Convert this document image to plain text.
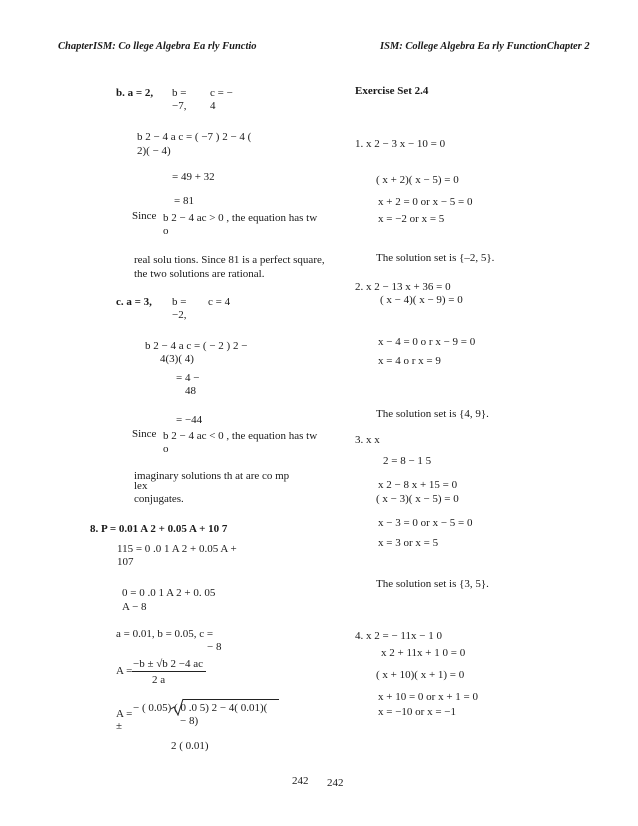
ChapterISM: Co llege Algebra Ea rly Functio	ISM: College Algebra Ea rly FunctionChapter 2
b. a = 2, b =
−7,
c = −
4
b 2 − 4 a c = ( −7 ) 2 − 4 (
2)( − 4)
= 49 + 32
= 81
Since b 2 − 4 ac > 0 , the equation has tw
o
real solu tions. Since 81 is a perfect square,
the two solutions are rational.
c. a = 3, b =
−2,
c = 4
b 2 − 4 a c = ( − 2 ) 2 −
4(3)( 4)
= 4 −
48
= −44
Since b 2 − 4 ac < 0 , the equation has tw
o
imaginary solutions th at are co mp
lex
conjugates.
8. P = 0.01 A 2 + 0.05 A + 10 7
115 = 0 .0 1 A 2 + 0.05 A +
107
0 = 0 .0 1 A 2 + 0. 05
A − 8
a = 0.01, b = 0.05, c =
− 8
A =
−b ± √b 2 −4 ac
2 a
A =
±
− ( 0.05) ( 0 .0 5) 2 − 4( 0.01)(
− 8)
2 ( 0.01)
Exercise Set 2.4
1. x 2 − 3 x − 10 = 0
( x + 2)( x − 5) = 0
x + 2 = 0 or x − 5 = 0
x = −2 or x = 5
The solution set is {–2, 5}.
2. x 2 − 13 x + 36 = 0
( x − 4)( x − 9) = 0
x − 4 = 0 o r x − 9 = 0
x = 4 o r x = 9
The solution set is {4, 9}.
3. x x
2 = 8 − 1 5
x 2 − 8 x + 15 = 0
( x − 3)( x − 5) = 0
x − 3 = 0 or x − 5 = 0
x = 3 or x = 5
The solution set is {3, 5}.
4. x 2 = − 11x − 1 0
x 2 + 11x + 1 0 = 0
( x + 10)( x + 1) = 0
x + 10 = 0 or x + 1 = 0
x = −10 or x = −1
242 242
